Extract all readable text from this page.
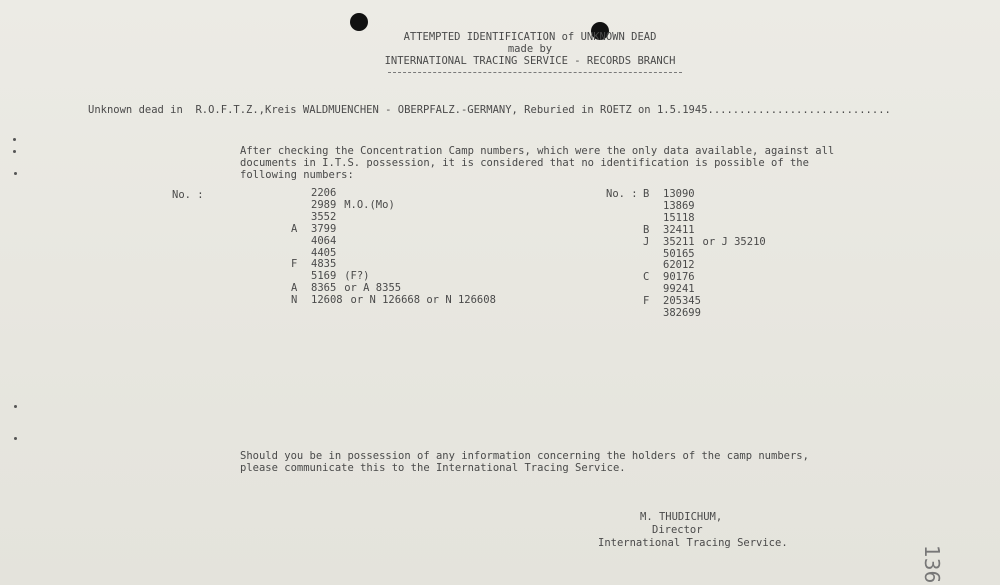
ATTEMPTED IDENTIFICATION of UNKNOWN DEAD
made by
INTERNATIONAL TRACING SERVICE - RECORDS BRANCH
Unknown dead in  R.O.F.T.Z.,Kreis WALDMUENCHEN - OBERPFALZ.-GERMANY, Reburied in ROETZ on 1.5.1945.............................
After checking the Concentration Camp numbers, which were the only data available, against all
documents in I.T.S. possession, it is considered that no identification is possible of the
following numbers:
No. :	2206
2989 M.O.(Mo)
3552
A 3799
4064
4405
F 4835
5169 (F?)
A 8365 or A 8355
N 12608 or N 126668 or N 126608
No. : B 13090
13869
15118
B 32411
J 35211 or J 35210
50165
62012
C 90176
99241
F 205345
382699
Should you be in possession of any information concerning the holders of the camp numbers,
please communicate this to the International Tracing Service.
M. THUDICHUM,
Director
International Tracing Service.
136
